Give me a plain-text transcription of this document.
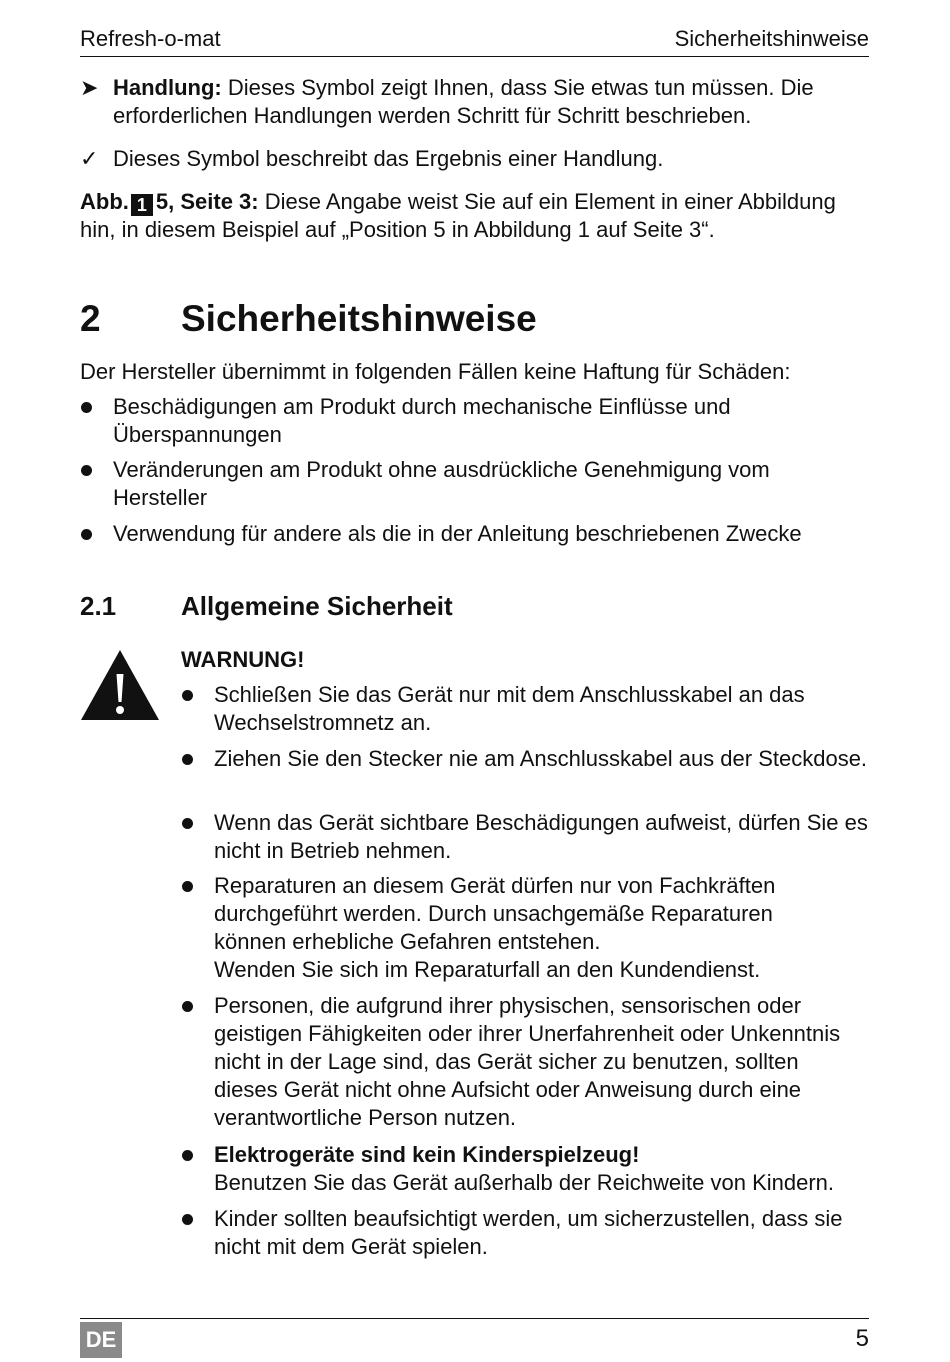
Refresh-o-mat	Sicherheitshinweise
➤ Handlung: Dieses Symbol zeigt Ihnen, dass Sie etwas tun müssen. Die erforderlichen Handlungen werden Schritt für Schritt beschrieben.
✓ Dieses Symbol beschreibt das Ergebnis einer Handlung.
Abb. 1 5, Seite 3: Diese Angabe weist Sie auf ein Element in einer Abbildung hin, in diesem Beispiel auf „Position 5 in Abbildung 1 auf Seite 3“.
2 Sicherheitshinweise
Der Hersteller übernimmt in folgenden Fällen keine Haftung für Schäden:
Beschädigungen am Produkt durch mechanische Einflüsse und Überspannungen
Veränderungen am Produkt ohne ausdrückliche Genehmigung vom Hersteller
Verwendung für andere als die in der Anleitung beschriebenen Zwecke
2.1 Allgemeine Sicherheit
WARNUNG!
Schließen Sie das Gerät nur mit dem Anschlusskabel an das Wechselstromnetz an.
Ziehen Sie den Stecker nie am Anschlusskabel aus der Steckdose.
Wenn das Gerät sichtbare Beschädigungen aufweist, dürfen Sie es nicht in Betrieb nehmen.
Reparaturen an diesem Gerät dürfen nur von Fachkräften durchgeführt werden. Durch unsachgemäße Reparaturen können erhebliche Gefahren entstehen.
Wenden Sie sich im Reparaturfall an den Kundendienst.
Personen, die aufgrund ihrer physischen, sensorischen oder geistigen Fähigkeiten oder ihrer Unerfahrenheit oder Unkenntnis nicht in der Lage sind, das Gerät sicher zu benutzen, sollten dieses Gerät nicht ohne Aufsicht oder Anweisung durch eine verantwortliche Person nutzen.
Elektrogeräte sind kein Kinderspielzeug!
Benutzen Sie das Gerät außerhalb der Reichweite von Kindern.
Kinder sollten beaufsichtigt werden, um sicherzustellen, dass sie nicht mit dem Gerät spielen.
DE	5
